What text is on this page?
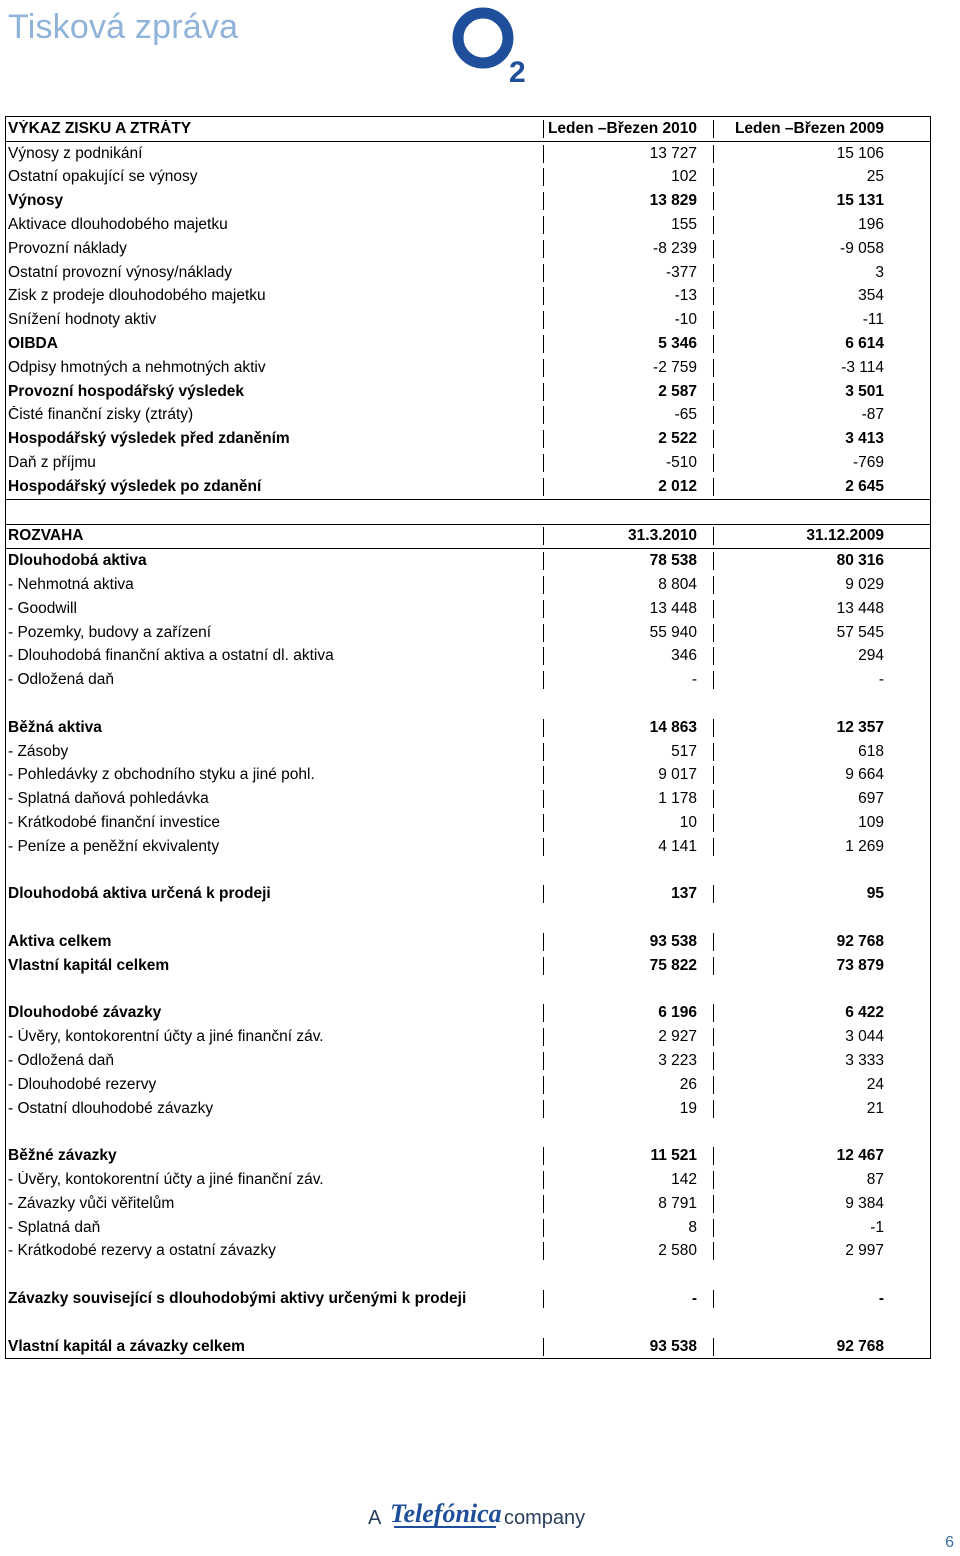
Tisková zpráva
2
VÝKAZ ZISKU A ZTRÁTY	Leden –Březen 2010	Leden –Březen 2009
Výnosy z podnikání	13 727	15 106
Ostatní opakující se výnosy	102	25
Výnosy	13 829	15 131
Aktivace dlouhodobého majetku	155	196
Provozní náklady	-8 239	-9 058
Ostatní provozní výnosy/náklady	-377	3
Zisk z prodeje dlouhodobého majetku	-13	354
Snížení hodnoty aktiv	-10	-11
OIBDA	5 346	6 614
Odpisy hmotných a nehmotných aktiv	-2 759	-3 114
Provozní hospodářský výsledek	2 587	3 501
Čisté finanční zisky (ztráty)	-65	-87
Hospodářský výsledek před zdaněním	2 522	3 413
Daň z příjmu	-510	-769
Hospodářský výsledek po zdanění	2 012	2 645
ROZVAHA	31.3.2010	31.12.2009
Dlouhodobá aktiva	78 538	80 316
- Nehmotná aktiva	8 804	9 029
- Goodwill	13 448	13 448
- Pozemky, budovy a zařízení	55 940	57 545
- Dlouhodobá finanční aktiva a ostatní dl. aktiva	346	294
- Odložená daň	-	-
Běžná aktiva	14 863	12 357
- Zásoby	517	618
- Pohledávky z obchodního styku a jiné pohl.	9 017	9 664
- Splatná daňová pohledávka	1 178	697
- Krátkodobé finanční investice	10	109
- Peníze a peněžní ekvivalenty	4 141	1 269
Dlouhodobá aktiva určená k prodeji	137	95
Aktiva celkem	93 538	92 768
Vlastní kapitál celkem	75 822	73 879
Dlouhodobé závazky	6 196	6 422
- Úvěry, kontokorentní účty a jiné finanční záv.	2 927	3 044
- Odložená daň	3 223	3 333
- Dlouhodobé rezervy	26	24
- Ostatní dlouhodobé závazky	19	21
Běžné závazky	11 521	12 467
- Úvěry, kontokorentní účty a jiné finanční záv.	142	87
- Závazky vůči věřitelům	8 791	9 384
- Splatná daň	8	-1
- Krátkodobé rezervy a ostatní závazky	2 580	2 997
Závazky související s dlouhodobými aktivy určenými k prodeji	-	-
Vlastní kapitál a závazky celkem	93 538	92 768
A Telefónica company
6
